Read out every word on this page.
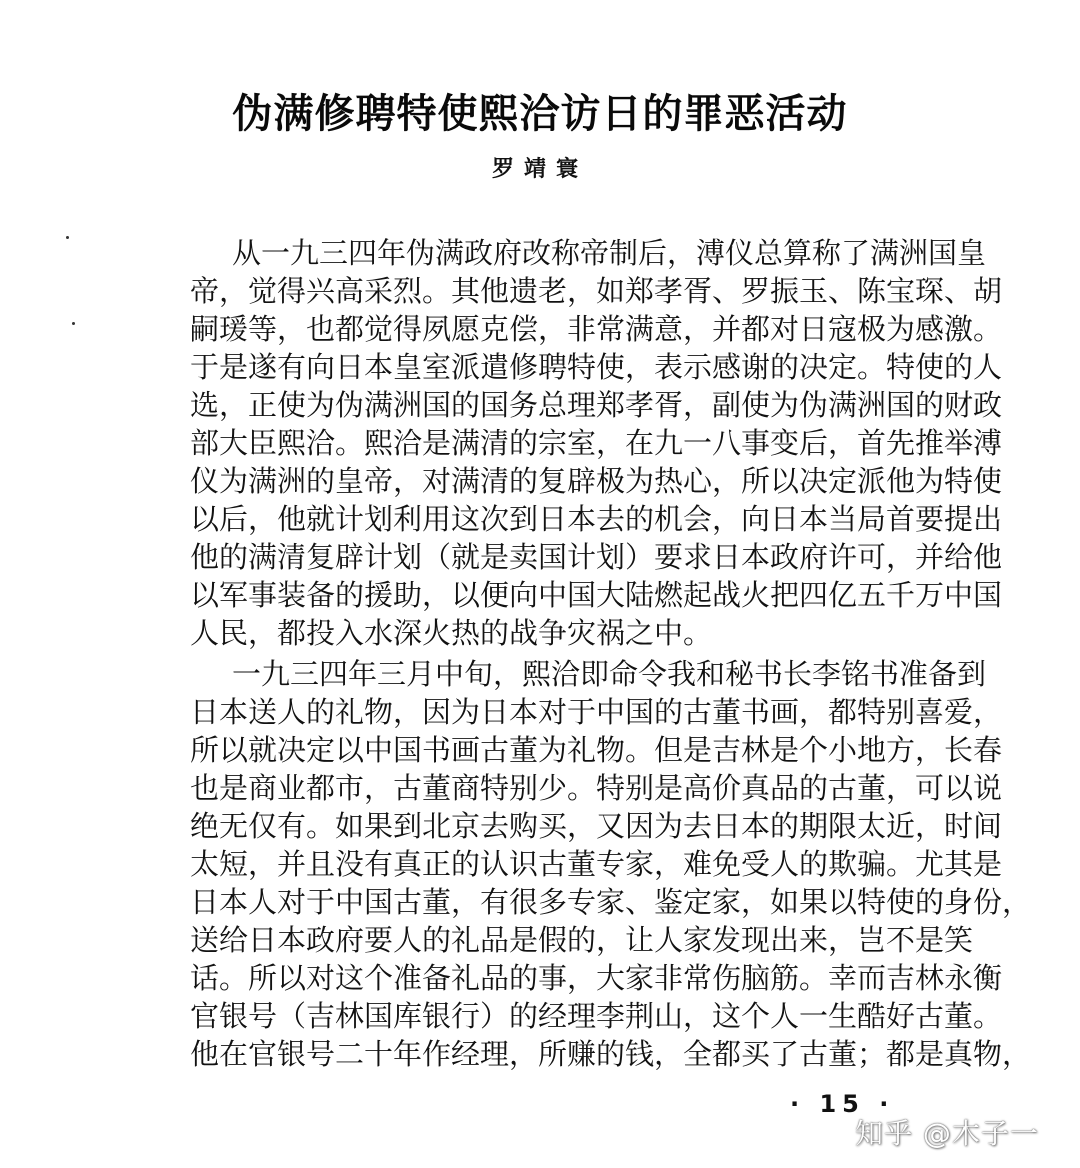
伪满修聘特使熙洽访日的罪恶活动
罗靖寰
从一九三四年伪满政府改称帝制后，溥仪总算称了满洲国皇
帝，觉得兴高采烈。其他遗老，如郑孝胥、罗振玉、陈宝琛、胡
嗣瑗等，也都觉得夙愿克偿，非常满意，并都对日寇极为感激。
于是遂有向日本皇室派遣修聘特使，表示感谢的决定。特使的人
选，正使为伪满洲国的国务总理郑孝胥，副使为伪满洲国的财政
部大臣熙洽。熙洽是满清的宗室，在九一八事变后，首先推举溥
仪为满洲的皇帝，对满清的复辟极为热心，所以决定派他为特使
以后，他就计划利用这次到日本去的机会，向日本当局首要提出
他的满清复辟计划（就是卖国计划）要求日本政府许可，并给他
以军事装备的援助，以便向中国大陆燃起战火把四亿五千万中国
人民，都投入水深火热的战争灾祸之中。
一九三四年三月中旬，熙洽即命令我和秘书长李铭书准备到
日本送人的礼物，因为日本对于中国的古董书画，都特别喜爱，
所以就决定以中国书画古董为礼物。但是吉林是个小地方，长春
也是商业都市，古董商特别少。特别是高价真品的古董，可以说
绝无仅有。如果到北京去购买，又因为去日本的期限太近，时间
太短，并且没有真正的认识古董专家，难免受人的欺骗。尤其是
日本人对于中国古董，有很多专家、鉴定家，如果以特使的身份，
送给日本政府要人的礼品是假的，让人家发现出来，岂不是笑
话。所以对这个准备礼品的事，大家非常伤脑筋。幸而吉林永衡
官银号（吉林国库银行）的经理李荆山，这个人一生酷好古董。
他在官银号二十年作经理，所赚的钱，全都买了古董；都是真物，
· 15 ·
知乎 @木子一
